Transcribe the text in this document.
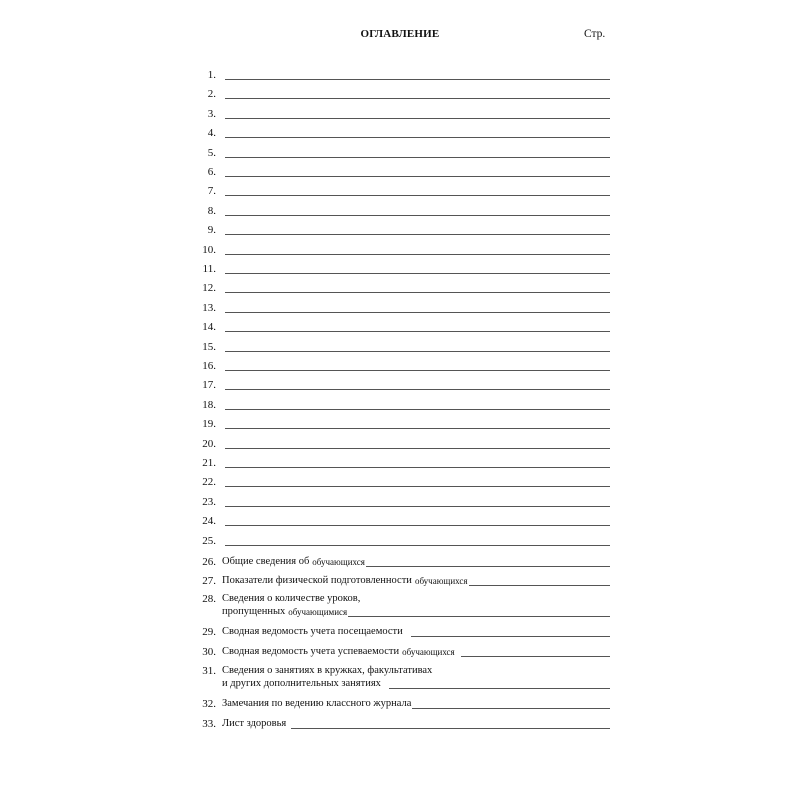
ОГЛАВЛЕНИЕ	Стр.
1.
2.
3.
4.
5.
6.
7.
8.
9.
10.
11.
12.
13.
14.
15.
16.
17.
18.
19.
20.
21.
22.
23.
24.
25.
26. Общие сведения об обучающихся
27. Показатели физической подготовленности обучающихся
28. Сведения о количестве уроков,
пропущенных обучающимися
29. Сводная ведомость учета посещаемости
30. Сводная ведомость учета успеваемости обучающихся
31. Сведения о занятиях в кружках, факультативах
и других дополнительных занятиях
32. Замечания по ведению классного журнала
33. Лист здоровья
